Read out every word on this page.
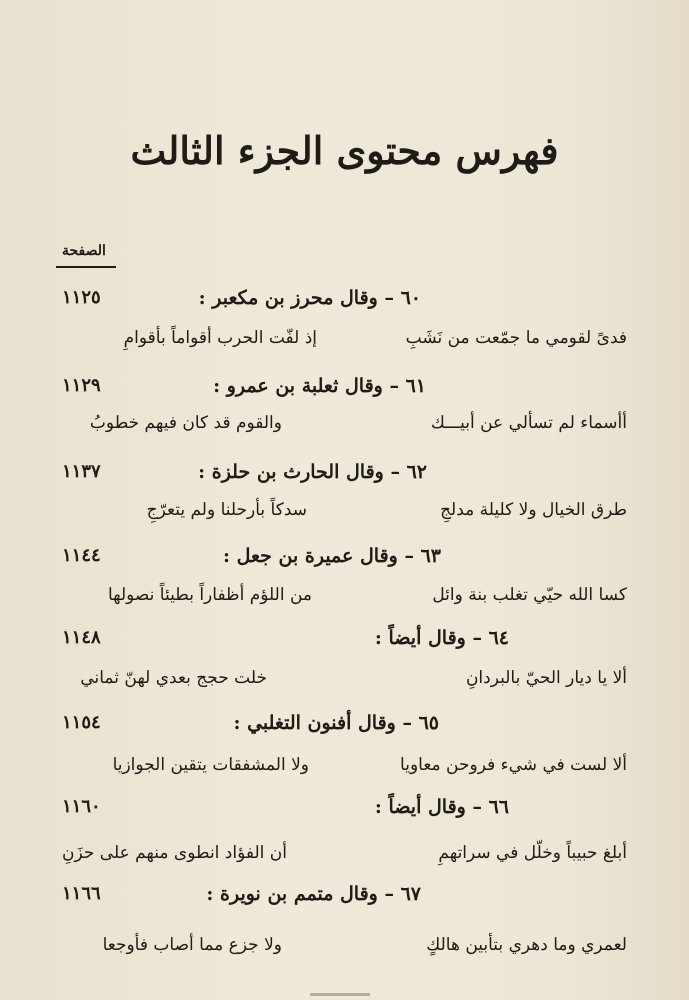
فهرس محتوى الجزء الثالث
الصفحة
١١٢٥	٦٠ – وقال محرز بن مكعبر :
فدىً لقومي ما جمّعت من نَشَبِ
إذ لفّت الحرب أقواماً بأقوامِ
١١٢٩	٦١ – وقال ثعلبة بن عمرو :
أأسماء لم تسألي عن أبيـــك
والقوم قد كان فيهم خطوبُ
١١٣٧	٦٢ – وقال الحارث بن حلزة :
طرق الخيال ولا كليلة مدلجِ
سدكاً بأرحلنا ولم يتعرّجِ
١١٤٤	٦٣ – وقال عميرة بن جعل :
كسا الله حيّي تغلب بنة وائل
من اللؤم أظفاراً بطيئاً نصولها
١١٤٨	٦٤ – وقال أيضاً :
ألا يا ديار الحيّ بالبردانِ
خلت حجج بعدي لهنّ ثماني
١١٥٤	٦٥ – وقال أفنون التغلبي :
ألا لست في شيء فروحن معاويا
ولا المشفقات يتقين الجوازيا
١١٦٠	٦٦ – وقال أيضاً :
أبلغ حبيباً وخلّل في سراتهمِ
أن الفؤاد انطوى منهم على حزَنِ
١١٦٦	٦٧ – وقال متمم بن نويرة :
لعمري وما دهري بتأبين هالكٍ
ولا جزع مما أصاب فأوجعا
